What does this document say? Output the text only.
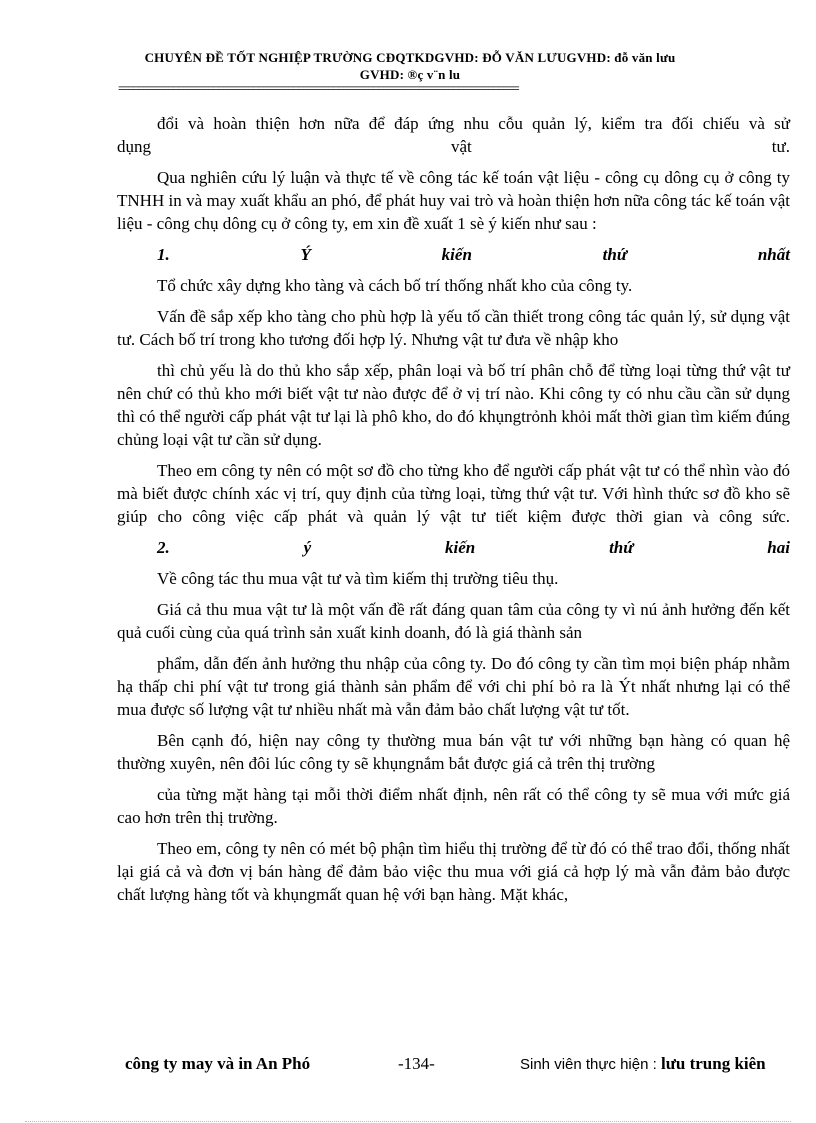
CHUYÊN ĐỀ TỐT NGHIỆP TRƯỜNG CĐQTKDGVHD: ĐỖ VĂN LƯUGVHD: đỗ văn lưu
GVHD: ®ç v¨n lu
================================================================================

đổi và hoàn thiện hơn nữa để đáp ứng nhu cỗu quản lý, kiểm tra đối chiếu và sử

dụng vật tư.

Qua nghiên cứu lý luận và thực tế về công tác kế toán vật liệu - công cụ dông cụ ở công ty TNHH in và may xuất khẩu an phó, để phát huy vai trò và hoàn thiện hơn nữa công tác kế toán vật liệu - công chụ dông cụ ở công ty, em xin đề xuất 1 sè ý kiến như sau :

1.	Ý	kiến	thứ	nhất

Tổ chức xây dựng kho tàng và cách bố trí thống nhất kho của công ty.

Vấn đề sắp xếp kho tàng cho phù hợp là yếu tố cần thiết trong công tác quản lý, sử dụng vật tư. Cách bố trí trong kho tương đối hợp lý. Nhưng vật tư đưa về nhập kho

thì chủ yếu là do thủ kho sắp xếp, phân loại và bố trí phân chỗ để từng loại từng thứ vật tư nên chứ có thủ kho mới biết vật tư nào được để ở vị trí nào. Khi công ty có nhu cầu cần sử dụng thì có thể người cấp phát vật tư lại là phô kho, do đó khụngtrỏnh khỏi mất thời gian tìm kiếm đúng chủng loại vật tư cần sử dụng.

Theo em công ty nên có một sơ đồ cho từng kho để người cấp phát vật tư có thể nhìn vào đó mà biết được chính xác vị trí, quy định của từng loại, từng thứ vật tư. Với hình thức sơ đồ kho sẽ giúp cho công việc cấp phát và quản lý vật tư tiết kiệm được thời gian và công sức.

2.	ý	kiến	thứ	hai

Về công tác thu mua vật tư và tìm kiếm thị trường tiêu thụ.

Giá cả thu mua vật tư là một vấn đề rất đáng quan tâm của công ty vì nú ảnh hưởng đến kết quả cuối cùng của quá trình sản xuất kinh doanh, đó là giá thành sản

phẩm, dẫn đến ảnh hưởng thu nhập của công ty. Do đó công ty cần tìm mọi biện pháp nhằm hạ thấp chi phí vật tư trong giá thành sản phẩm để với chi phí bỏ ra là Ýt nhất nhưng lại có thể mua được số lượng vật tư nhiều nhất mà vẫn đảm bảo chất lượng vật tư tốt.

Bên cạnh đó, hiện nay công ty thường mua bán vật tư với những bạn hàng có quan hệ thường xuyên, nên đôi lúc công ty sẽ khụngnắm bắt được giá cả trên thị trường

của từng mặt hàng tại mỗi thời điểm nhất định, nên rất có thể công ty sẽ mua với mức giá cao hơn trên thị trường.

Theo em, công ty nên có mét bộ phận tìm hiểu thị trường để từ đó có thể trao đổi, thống nhất lại giá cả và đơn vị bán hàng để đảm bảo việc thu mua với giá cả hợp lý mà vẫn đảm bảo được chất lượng hàng tốt và khụngmất quan hệ với bạn hàng. Mặt khác,

công ty may và in An Phó	-134-	Sinh viên thực hiện : lưu trung kiên
